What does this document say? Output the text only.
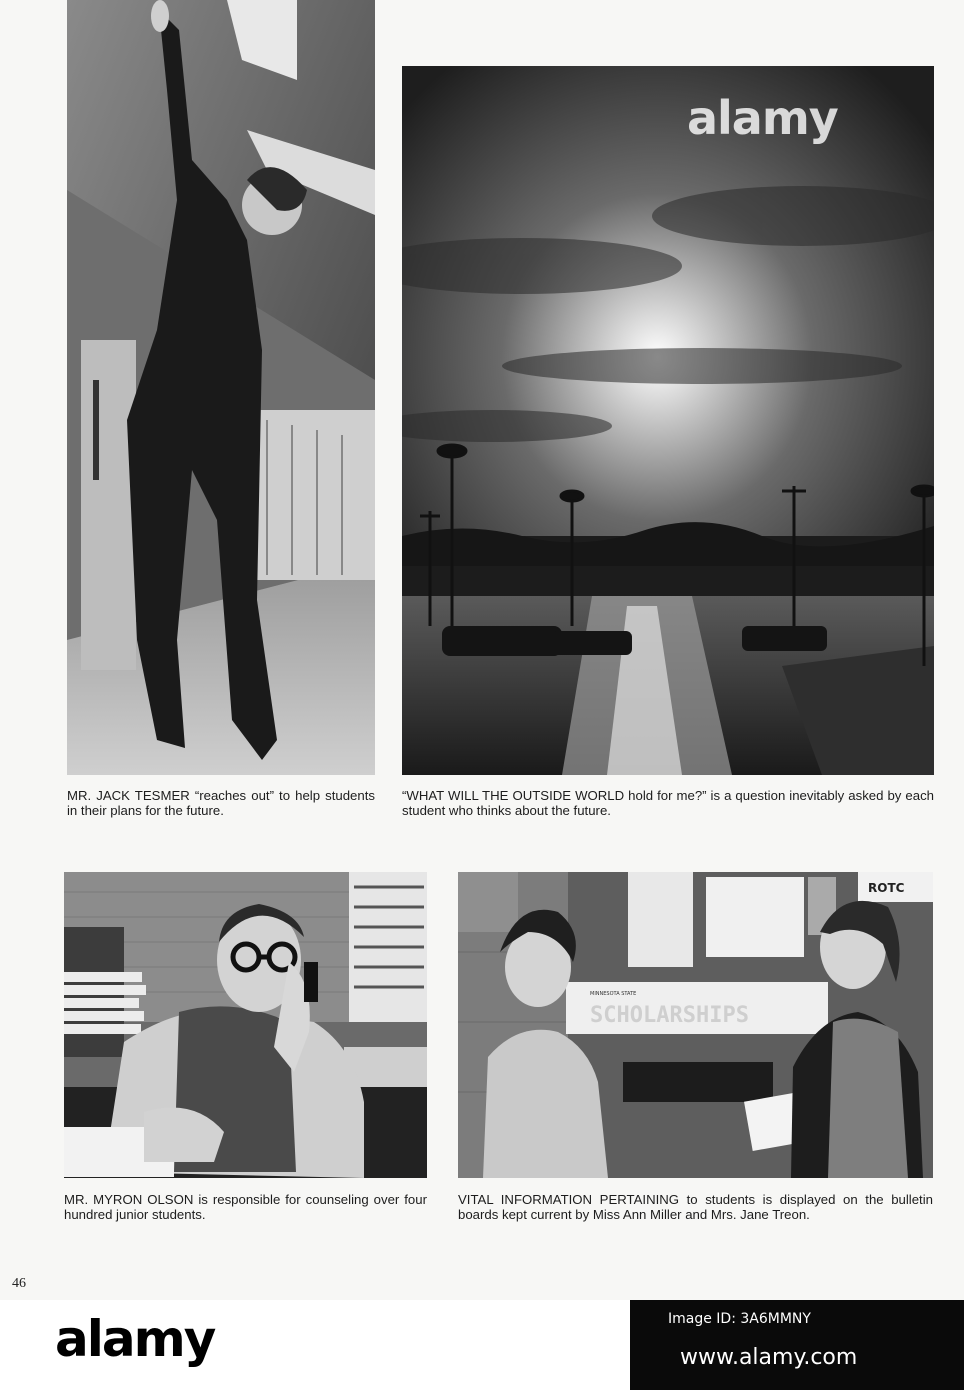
alamy
MR. JACK TESMER “reaches out” to help students in their plans for the future.
“WHAT WILL THE OUTSIDE WORLD hold for me?” is a question inevitably asked by each student who thinks about the future.
MINNESOTA STATE
SCHOLARSHIPS
ROTC
MR. MYRON OLSON is responsible for counseling over four hundred junior students.
VITAL INFORMATION PERTAINING to students is displayed on the bulletin boards kept current by Miss Ann Miller and Mrs. Jane Treon.
46
alamy	Image ID: 3A6MMNY
www.alamy.com
